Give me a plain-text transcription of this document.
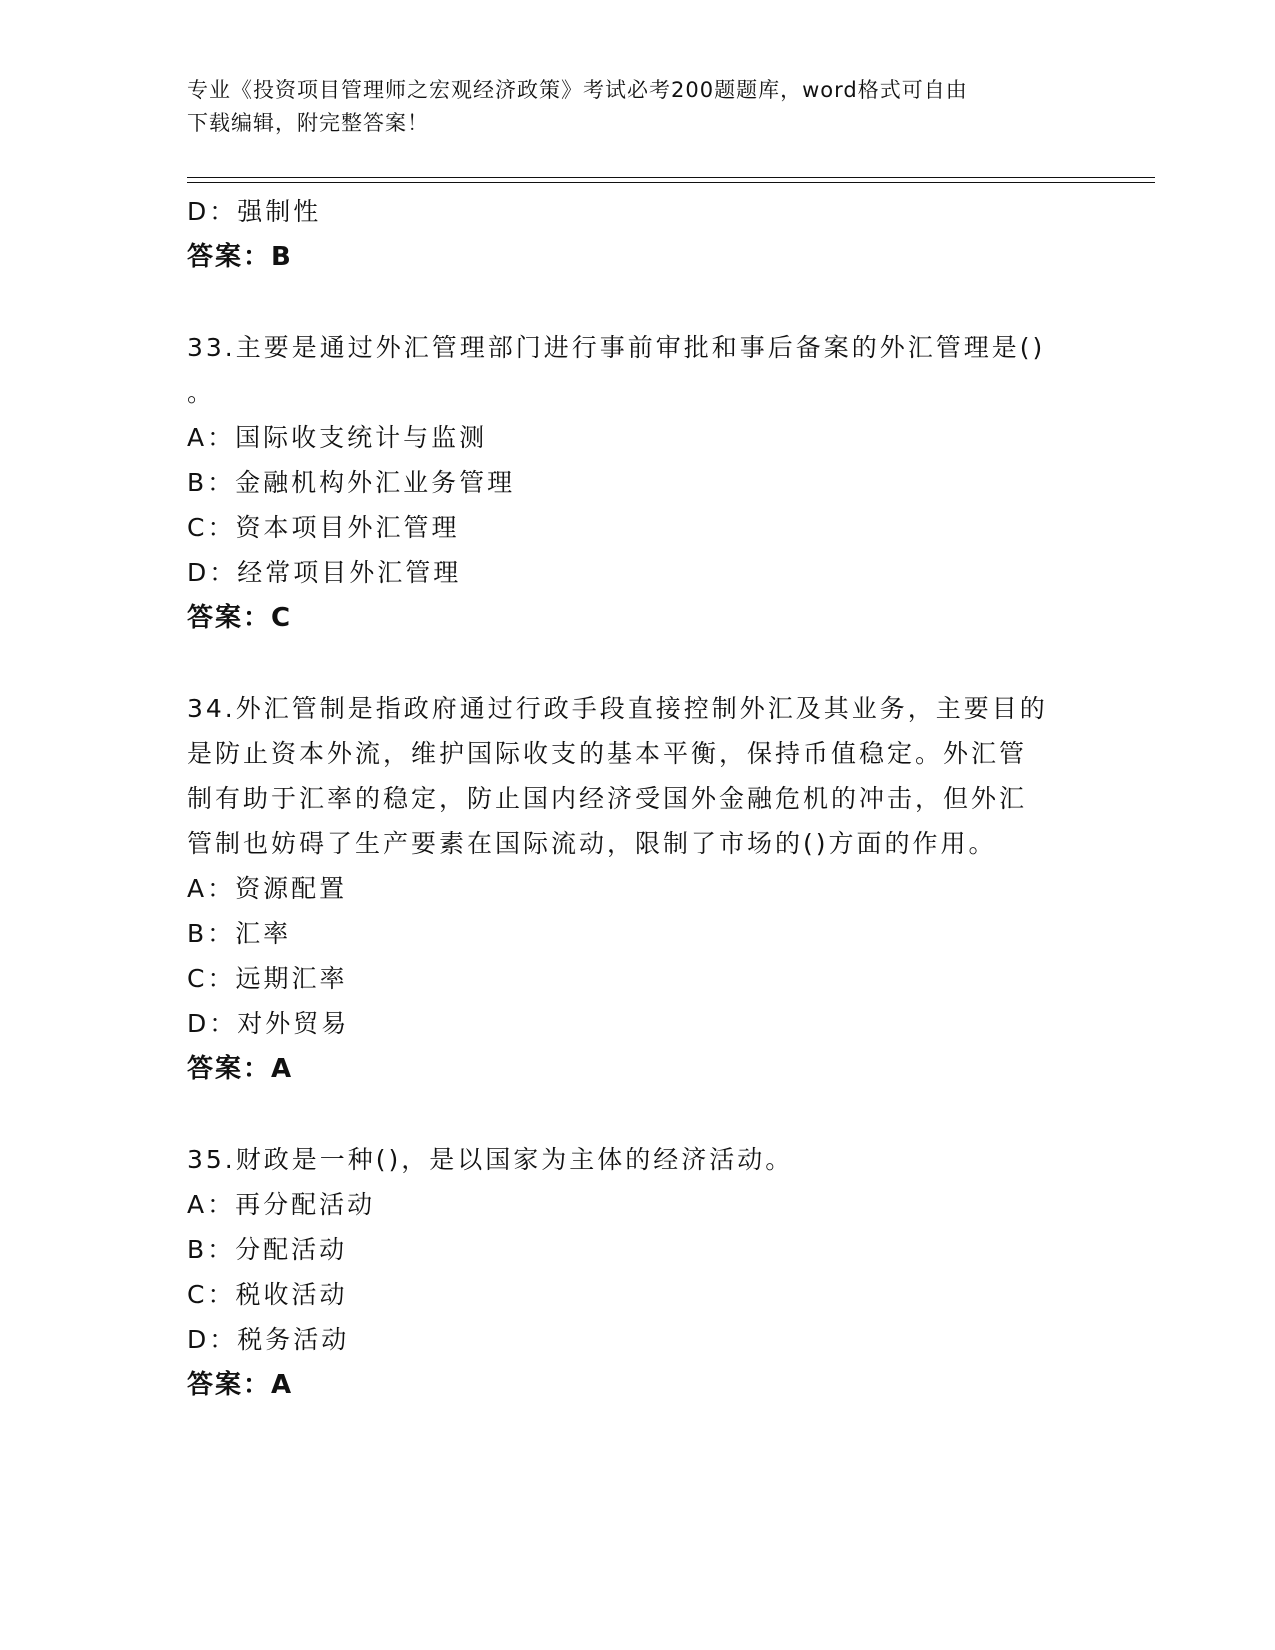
专业《投资项目管理师之宏观经济政策》考试必考200题题库，word格式可自由
下载编辑，附完整答案！
D：强制性
答案：B
33.主要是通过外汇管理部门进行事前审批和事后备案的外汇管理是()
。
A：国际收支统计与监测
B：金融机构外汇业务管理
C：资本项目外汇管理
D：经常项目外汇管理
答案：C
34.外汇管制是指政府通过行政手段直接控制外汇及其业务，主要目的
是防止资本外流，维护国际收支的基本平衡，保持币值稳定。外汇管
制有助于汇率的稳定，防止国内经济受国外金融危机的冲击，但外汇
管制也妨碍了生产要素在国际流动，限制了市场的()方面的作用。
A：资源配置
B：汇率
C：远期汇率
D：对外贸易
答案：A
35.财政是一种()，是以国家为主体的经济活动。
A：再分配活动
B：分配活动
C：税收活动
D：税务活动
答案：A
